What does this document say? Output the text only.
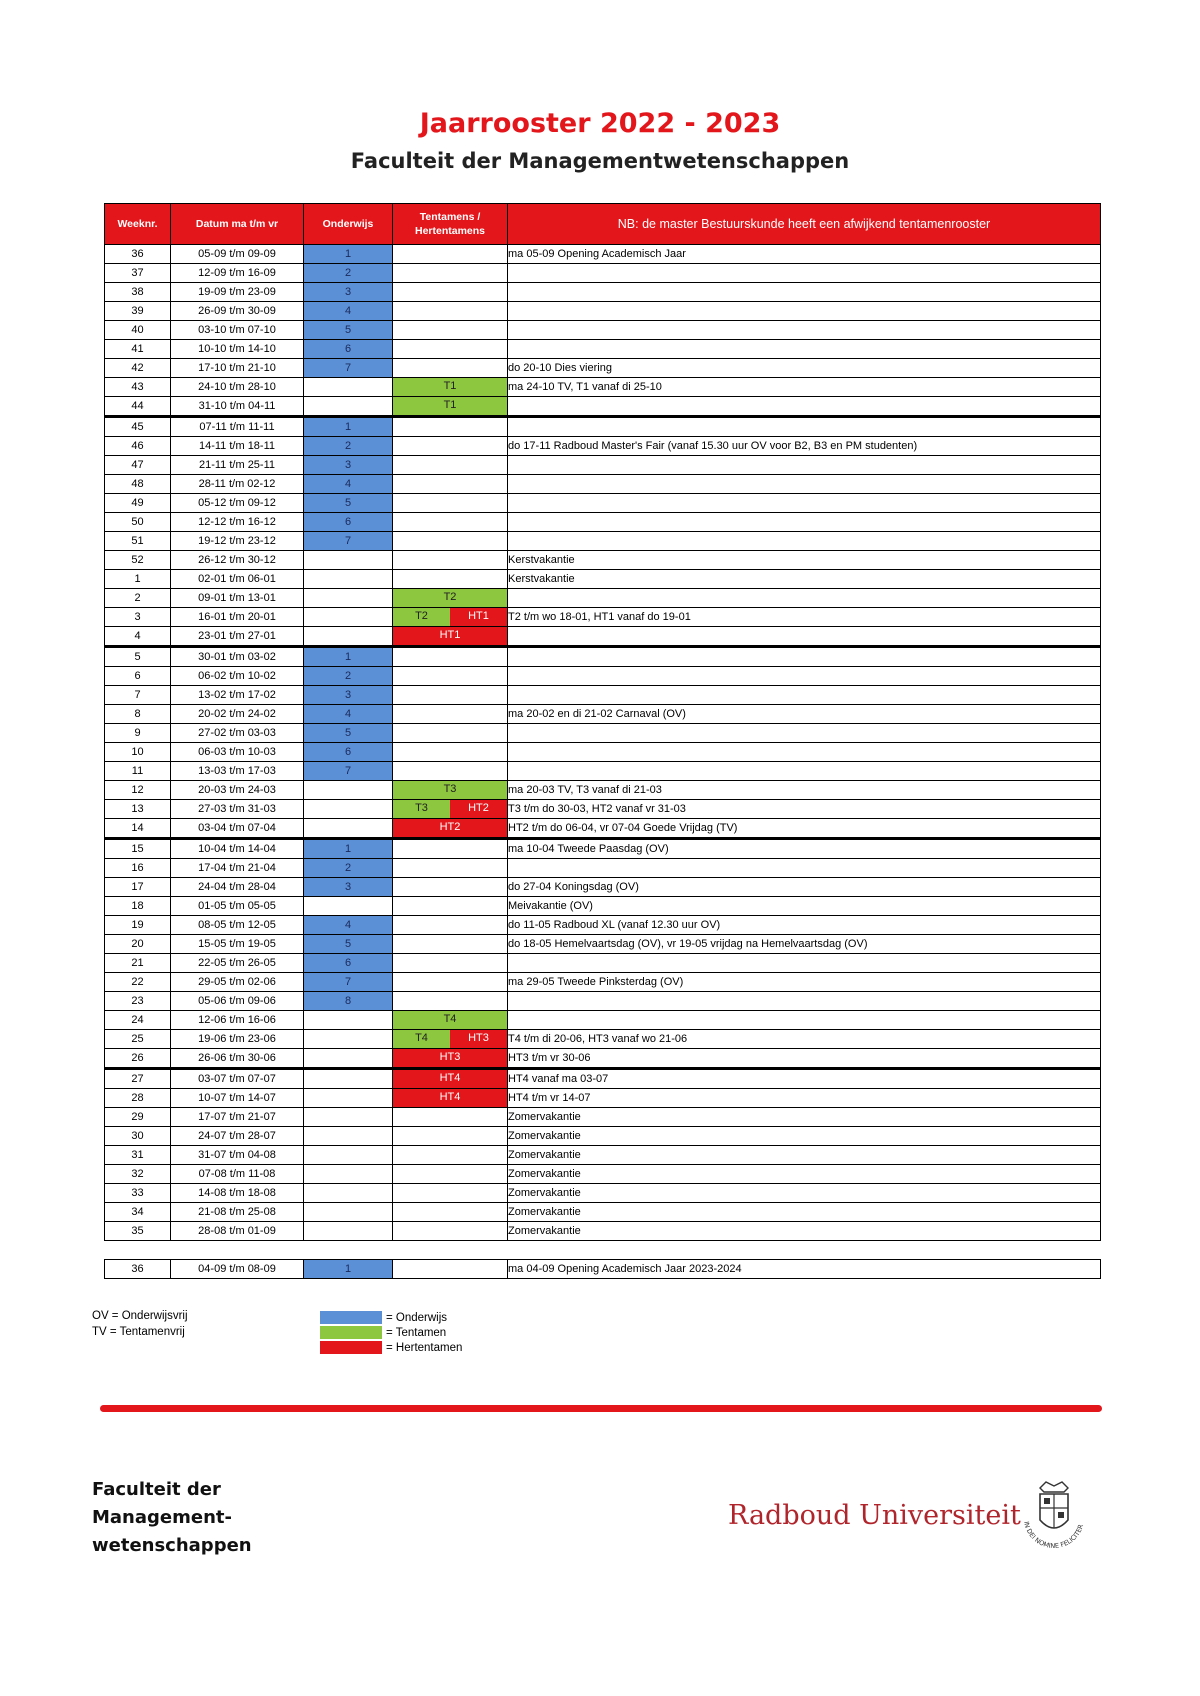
Jaarrooster 2022 - 2023
Faculteit der Managementwetenschappen
Weeknr.	Datum ma t/m vr	Onderwijs	Tentamens /
Hertentamens	NB: de master Bestuurskunde heeft een afwijkend tentamenrooster
36	05-09 t/m 09-09	1		ma 05-09 Opening Academisch Jaar
37	12-09 t/m 16-09	2		
38	19-09 t/m 23-09	3		
39	26-09 t/m 30-09	4		
40	03-10 t/m 07-10	5		
41	10-10 t/m 14-10	6		
42	17-10 t/m 21-10	7		do 20-10 Dies viering
43	24-10 t/m 28-10		T1	ma 24-10 TV, T1 vanaf di 25-10
44	31-10 t/m 04-11		T1	

45	07-11 t/m 11-11	1		
46	14-11 t/m 18-11	2		do 17-11 Radboud Master's Fair (vanaf 15.30 uur OV voor B2, B3 en PM studenten)
47	21-11 t/m 25-11	3		
48	28-11 t/m 02-12	4		
49	05-12 t/m 09-12	5		
50	12-12 t/m 16-12	6		
51	19-12 t/m 23-12	7		
52	26-12 t/m 30-12			Kerstvakantie
1	02-01 t/m 06-01			Kerstvakantie
2	09-01 t/m 13-01		T2	

3	16-01 t/m 20-01		T2 HT1	T2 t/m wo 18-01, HT1 vanaf do 19-01
4	23-01 t/m 27-01		HT1	

5	30-01 t/m 03-02	1		
6	06-02 t/m 10-02	2		
7	13-02 t/m 17-02	3		
8	20-02 t/m 24-02	4		ma 20-02 en di 21-02 Carnaval (OV)
9	27-02 t/m 03-03	5		
10	06-03 t/m 10-03	6		
11	13-03 t/m 17-03	7		
12	20-03 t/m 24-03		T3	ma 20-03 TV, T3 vanaf di 21-03
13	27-03 t/m 31-03		T3 HT2	T3 t/m do 30-03, HT2 vanaf vr 31-03
14	03-04 t/m 07-04		HT2	HT2 t/m do 06-04, vr 07-04 Goede Vrijdag (TV)
15	10-04 t/m 14-04	1		ma 10-04 Tweede Paasdag (OV)
16	17-04 t/m 21-04	2		
17	24-04 t/m 28-04	3		do 27-04 Koningsdag (OV)
18	01-05 t/m 05-05			Meivakantie (OV)
19	08-05 t/m 12-05	4		do 11-05 Radboud XL (vanaf 12.30 uur OV)
20	15-05 t/m 19-05	5		do 18-05 Hemelvaartsdag (OV), vr 19-05 vrijdag na Hemelvaartsdag (OV)
21	22-05 t/m 26-05	6		
22	29-05 t/m 02-06	7		ma 29-05 Tweede Pinksterdag (OV)
23	05-06 t/m 09-06	8		
24	12-06 t/m 16-06		T4	

25	19-06 t/m 23-06		T4 HT3	T4 t/m di 20-06, HT3 vanaf wo 21-06
26	26-06 t/m 30-06		HT3	HT3 t/m vr 30-06
27	03-07 t/m 07-07		HT4	HT4 vanaf ma 03-07
28	10-07 t/m 14-07		HT4	HT4 t/m vr 14-07
29	17-07 t/m 21-07			Zomervakantie
30	24-07 t/m 28-07			Zomervakantie
31	31-07 t/m 04-08			Zomervakantie
32	07-08 t/m 11-08			Zomervakantie
33	14-08 t/m 18-08			Zomervakantie
34	21-08 t/m 25-08			Zomervakantie
35	28-08 t/m 01-09			Zomervakantie

36	04-09 t/m 08-09	1		ma 04-09 Opening Academisch Jaar 2023-2024
OV = Onderwijsvrij
TV = Tentamenvrij
= Onderwijs
= Tentamen
= Hertentamen
Faculteit der
Management-
wetenschappen
Radboud Universiteit IN DEI NOMINE FELICITER
